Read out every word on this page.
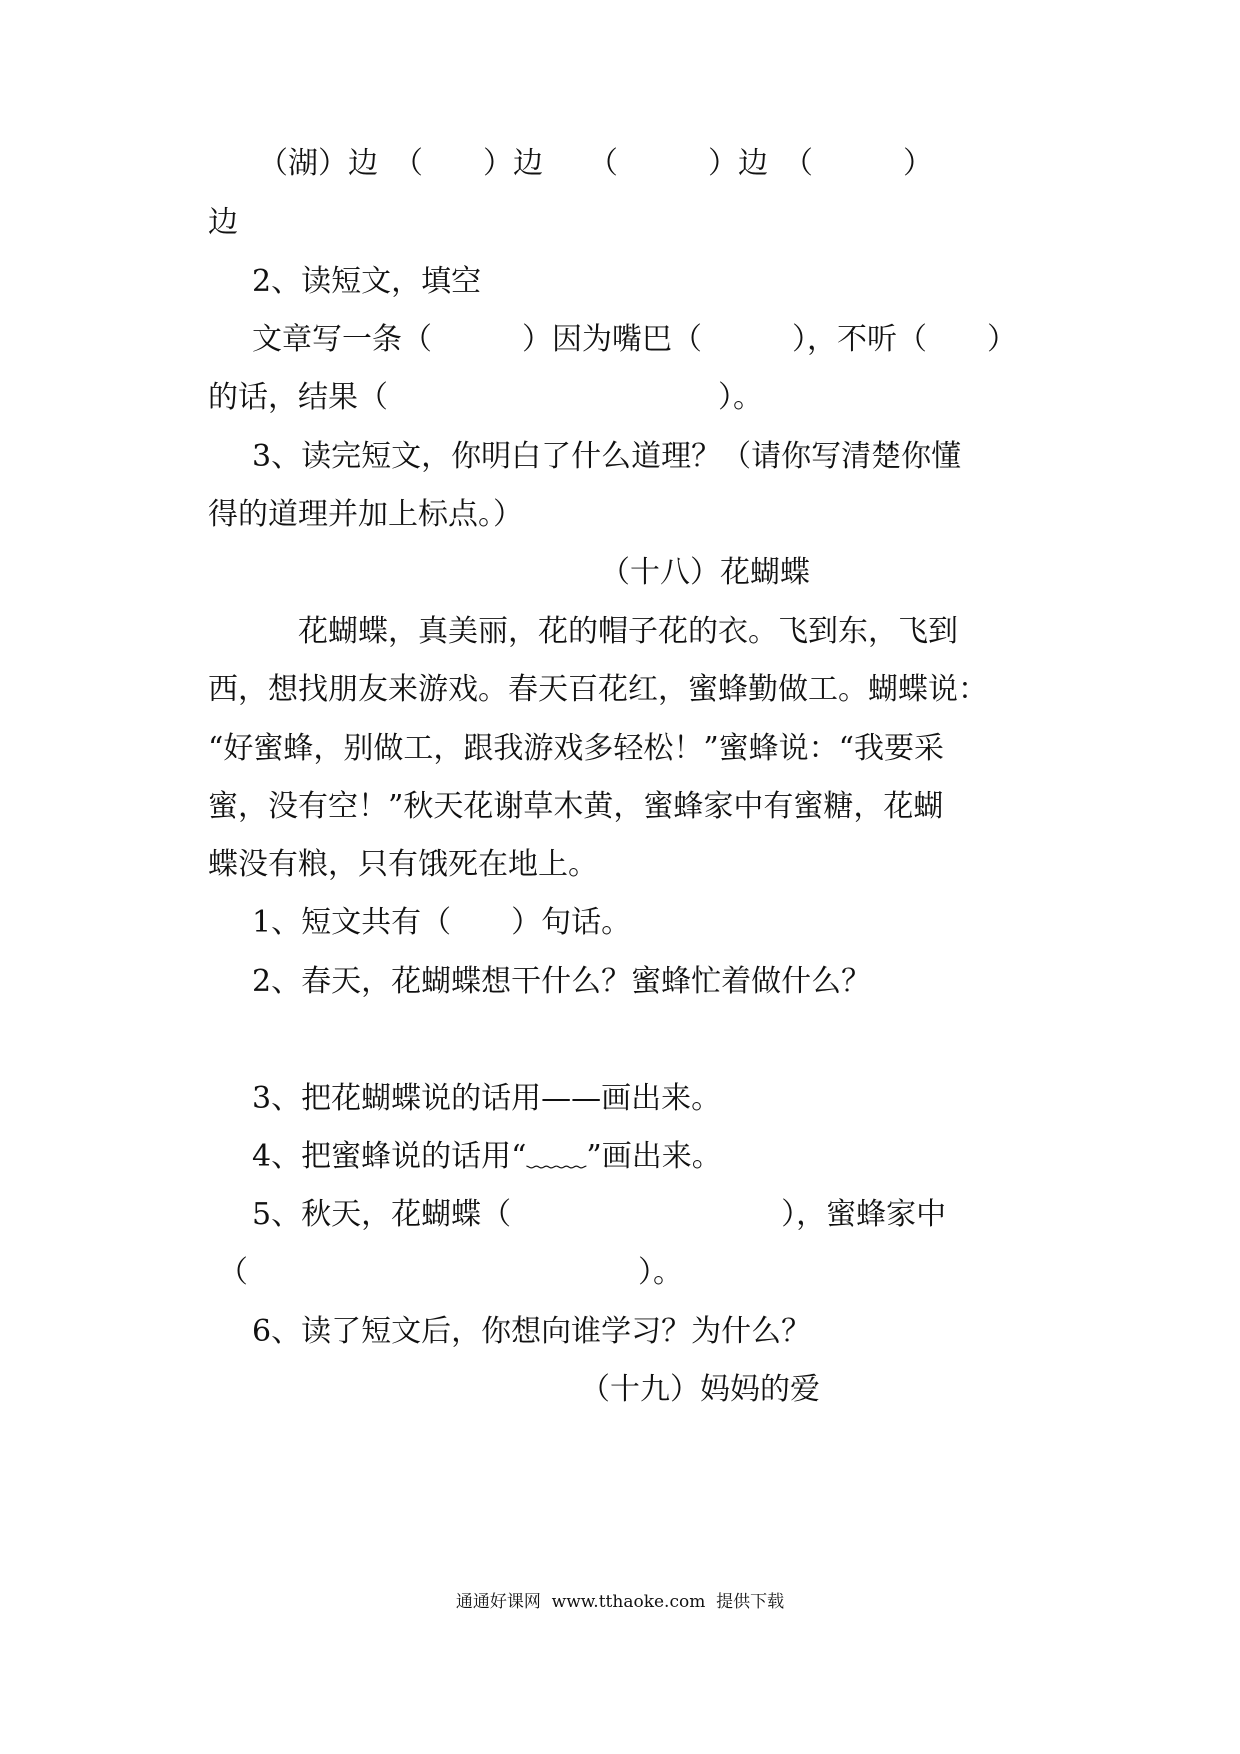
（湖）边　（　　）边　　（　　　）边　（　　　）
边
2、读短文，填空
文章写一条（　　　）因为嘴巴（　　　），不听（　　）
的话，结果（　　　　　　　　　　　）。
3、读完短文，你明白了什么道理？（请你写清楚你懂
得的道理并加上标点。）
（十八）花蝴蝶
花蝴蝶，真美丽，花的帽子花的衣。飞到东，飞到
西，想找朋友来游戏。春天百花红，蜜蜂勤做工。蝴蝶说：
“好蜜蜂，别做工，跟我游戏多轻松！”蜜蜂说：“我要采
蜜，没有空！”秋天花谢草木黄，蜜蜂家中有蜜糖，花蝴
蝶没有粮，只有饿死在地上。
1、短文共有（　　）句话。
2、春天，花蝴蝶想干什么？蜜蜂忙着做什么？
3、把花蝴蝶说的话用——画出来。
4、把蜜蜂说的话用“﹏﹏”画出来。
5、秋天，花蝴蝶（　　　　　　　　　），蜜蜂家中
（　　　　　　　　　　　　　）。
6、读了短文后，你想向谁学习？为什么？
（十九）妈妈的爱
通通好课网  www.tthaoke.com  提供下载
